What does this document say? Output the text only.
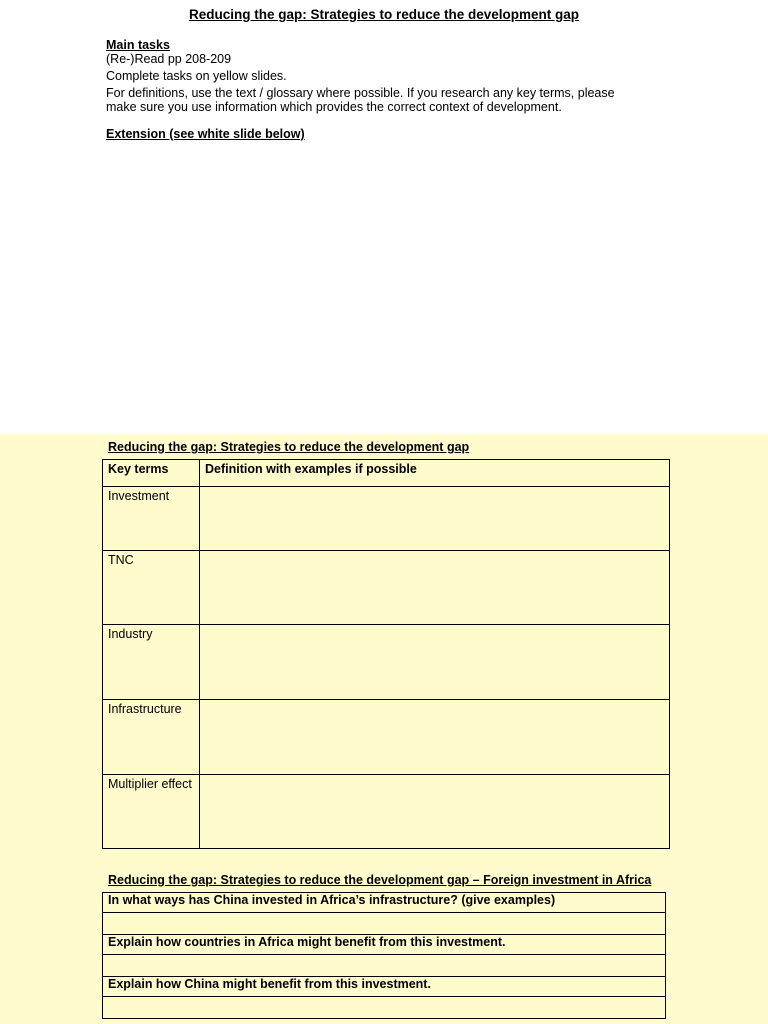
Reducing the gap: Strategies to reduce the development gap
Main tasks
(Re-)Read pp 208-209
Complete tasks on yellow slides.
For definitions, use the text / glossary where possible. If you research any key terms, please
make sure you use information which provides the correct context of development.
Extension (see white slide below)
Reducing the gap: Strategies to reduce the development gap
Key terms	Definition with examples if possible
Investment	
TNC	
Industry	
Infrastructure	
Multiplier effect	
Reducing the gap: Strategies to reduce the development gap – Foreign investment in Africa
In what ways has China invested in Africa’s infrastructure? (give examples)

Explain how countries in Africa might benefit from this investment.

Explain how China might benefit from this investment.
